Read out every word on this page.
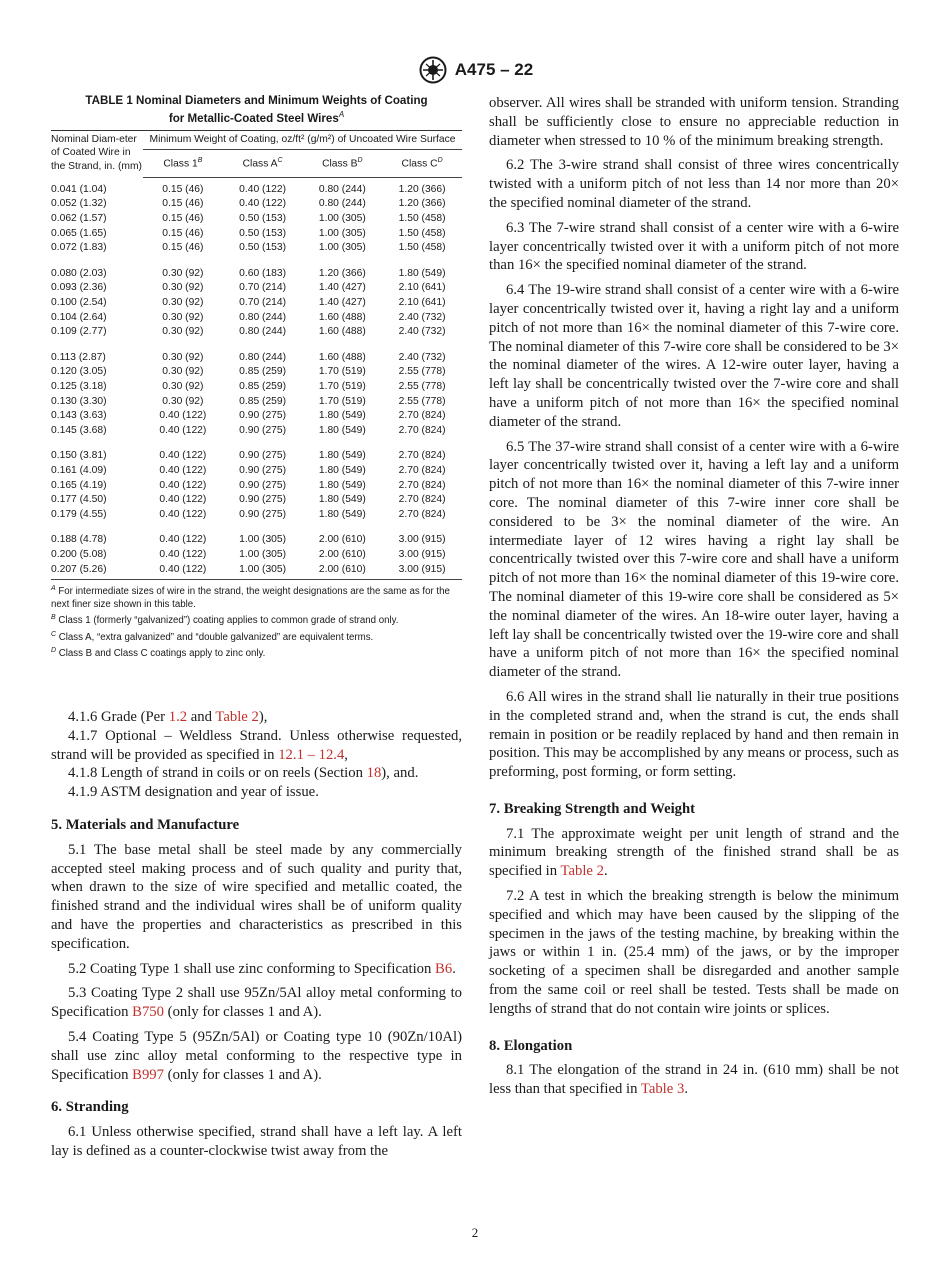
A475 – 22
TABLE 1 Nominal Diameters and Minimum Weights of Coating
for Metallic-Coated Steel Wires$^A$
Nominal Diam-eter of Coated Wire in the Strand, in. (mm)	Minimum Weight of Coating, oz/ft² (g/m²) of Uncoated Wire Surface			
	Class $1^B$	Class $A^C$	Class $B^D$	Class $C^D$
0.041 (1.04)	0.15 (46)	0.40 (122)	0.80 (244)	1.20 (366)
0.052 (1.32)	0.15 (46)	0.40 (122)	0.80 (244)	1.20 (366)
0.062 (1.57)	0.15 (46)	0.50 (153)	1.00 (305)	1.50 (458)
0.065 (1.65)	0.15 (46)	0.50 (153)	1.00 (305)	1.50 (458)
0.072 (1.83)	0.15 (46)	0.50 (153)	1.00 (305)	1.50 (458)

0.080 (2.03)	0.30 (92)	0.60 (183)	1.20 (366)	1.80 (549)
0.093 (2.36)	0.30 (92)	0.70 (214)	1.40 (427)	2.10 (641)
0.100 (2.54)	0.30 (92)	0.70 (214)	1.40 (427)	2.10 (641)
0.104 (2.64)	0.30 (92)	0.80 (244)	1.60 (488)	2.40 (732)
0.109 (2.77)	0.30 (92)	0.80 (244)	1.60 (488)	2.40 (732)

0.113 (2.87)	0.30 (92)	0.80 (244)	1.60 (488)	2.40 (732)
0.120 (3.05)	0.30 (92)	0.85 (259)	1.70 (519)	2.55 (778)
0.125 (3.18)	0.30 (92)	0.85 (259)	1.70 (519)	2.55 (778)
0.130 (3.30)	0.30 (92)	0.85 (259)	1.70 (519)	2.55 (778)
0.143 (3.63)	0.40 (122)	0.90 (275)	1.80 (549)	2.70 (824)
0.145 (3.68)	0.40 (122)	0.90 (275)	1.80 (549)	2.70 (824)

0.150 (3.81)	0.40 (122)	0.90 (275)	1.80 (549)	2.70 (824)
0.161 (4.09)	0.40 (122)	0.90 (275)	1.80 (549)	2.70 (824)
0.165 (4.19)	0.40 (122)	0.90 (275)	1.80 (549)	2.70 (824)
0.177 (4.50)	0.40 (122)	0.90 (275)	1.80 (549)	2.70 (824)
0.179 (4.55)	0.40 (122)	0.90 (275)	1.80 (549)	2.70 (824)

0.188 (4.78)	0.40 (122)	1.00 (305)	2.00 (610)	3.00 (915)
0.200 (5.08)	0.40 (122)	1.00 (305)	2.00 (610)	3.00 (915)
0.207 (5.26)	0.40 (122)	1.00 (305)	2.00 (610)	3.00 (915)
$^A$ For intermediate sizes of wire in the strand, the weight designations are the same as for the next finer size shown in this table.
$^B$ Class 1 (formerly “galvanized”) coating applies to common grade of strand only.
$^C$ Class A, “extra galvanized” and “double galvanized” are equivalent terms.
$^D$ Class B and Class C coatings apply to zinc only.

4.1.6 Grade (Per 1.2 and Table 2),

4.1.7 Optional – Weldless Strand. Unless otherwise requested, strand will be provided as specified in 12.1 – 12.4,

4.1.8 Length of strand in coils or on reels (Section 18), and.

4.1.9 ASTM designation and year of issue.

5. Materials and Manufacture

5.1 The base metal shall be steel made by any commercially accepted steel making process and of such quality and purity that, when drawn to the size of wire specified and metallic coated, the finished strand and the individual wires shall be of uniform quality and have the properties and characteristics as prescribed in this specification.

5.2 Coating Type 1 shall use zinc conforming to Specification B6.

5.3 Coating Type 2 shall use 95Zn/5Al alloy metal conforming to Specification B750 (only for classes 1 and A).

5.4 Coating Type 5 (95Zn/5Al) or Coating type 10 (90Zn/10Al) shall use zinc alloy metal conforming to the respective type in Specification B997 (only for classes 1 and A).

6. Stranding

6.1 Unless otherwise specified, strand shall have a left lay. A left lay is defined as a counter-clockwise twist away from the

observer. All wires shall be stranded with uniform tension. Stranding shall be sufficiently close to ensure no appreciable reduction in diameter when stressed to 10 % of the minimum breaking strength.

6.2 The 3-wire strand shall consist of three wires concentrically twisted with a uniform pitch of not less than 14 nor more than 20× the specified nominal diameter of the strand.

6.3 The 7-wire strand shall consist of a center wire with a 6-wire layer concentrically twisted over it with a uniform pitch of not more than 16× the specified nominal diameter of the strand.

6.4 The 19-wire strand shall consist of a center wire with a 6-wire layer concentrically twisted over it, having a right lay and a uniform pitch of not more than 16× the nominal diameter of this 7-wire core. The nominal diameter of this 7-wire core shall be considered to be 3× the nominal diameter of the wires. A 12-wire outer layer, having a left lay shall be concentrically twisted over the 7-wire core and shall have a uniform pitch of not more than 16× the specified nominal diameter of the strand.

6.5 The 37-wire strand shall consist of a center wire with a 6-wire layer concentrically twisted over it, having a left lay and a uniform pitch of not more than 16× the nominal diameter of this 7-wire inner core. The nominal diameter of this 7-wire inner core shall be considered to be 3× the nominal diameter of the wire. An intermediate layer of 12 wires having a right lay shall be concentrically twisted over this 7-wire core and shall have a uniform pitch of not more than 16× the nominal diameter of this 19-wire core. The nominal diameter of this 19-wire core shall be considered as 5× the nominal diameter of the wires. An 18-wire outer layer, having a left lay shall be concentrically twisted over the 19-wire core and shall have a uniform pitch of not more than 16× the specified nominal diameter of the strand.

6.6 All wires in the strand shall lie naturally in their true positions in the completed strand and, when the strand is cut, the ends shall remain in position or be readily replaced by hand and then remain in position. This may be accomplished by any means or process, such as preforming, post forming, or form setting.

7. Breaking Strength and Weight

7.1 The approximate weight per unit length of strand and the minimum breaking strength of the finished strand shall be as specified in Table 2.

7.2 A test in which the breaking strength is below the minimum specified and which may have been caused by the slipping of the specimen in the jaws of the testing machine, by breaking within the jaws or within 1 in. (25.4 mm) of the jaws, or by the improper socketing of a specimen shall be disregarded and another sample from the same coil or reel shall be tested. Tests shall be made on lengths of strand that do not contain wire joints or splices.

8. Elongation

8.1 The elongation of the strand in 24 in. (610 mm) shall be not less than that specified in Table 3.

2
